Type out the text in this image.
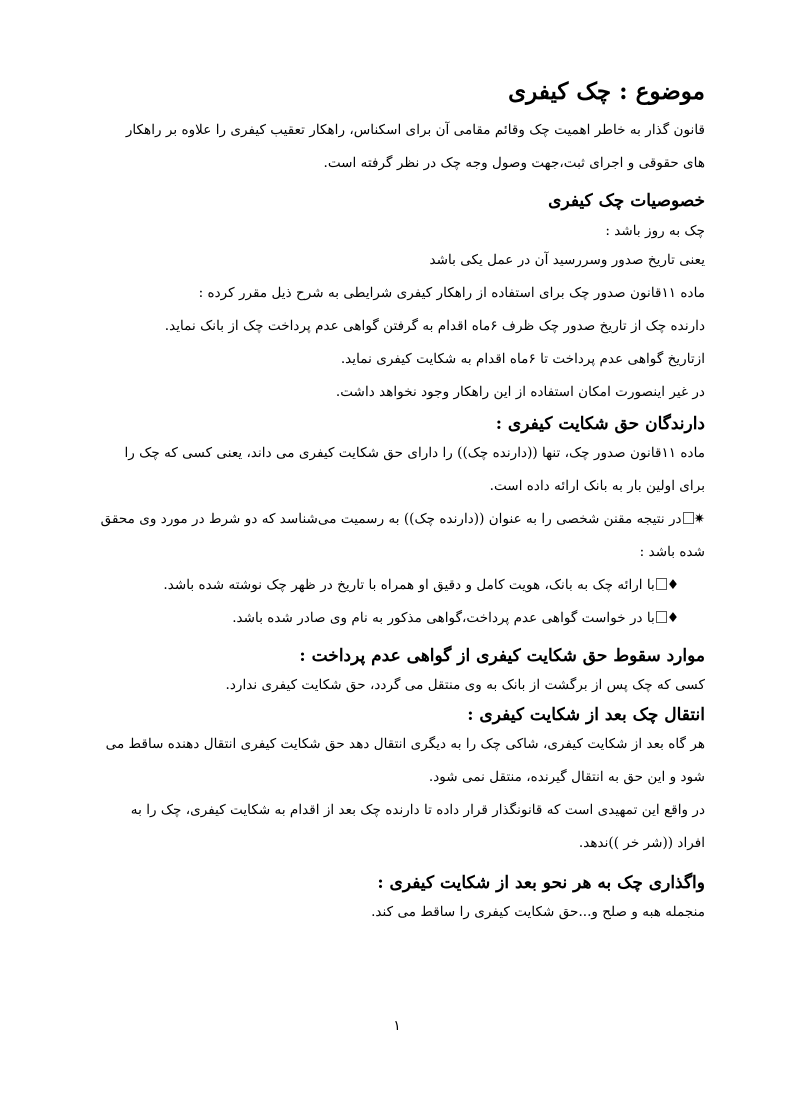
موضوع : چک کیفری
قانون گذار به خاطر اهمیت چک وقائم مقامی آن برای اسکناس، راهکار تعقیب کیفری را علاوه بر راهکار
های حقوقی و اجرای ثبت،جهت وصول وجه چک در نظر گرفته است.
خصوصیات چک کیفری
چک به روز باشد :
یعنی تاریخ صدور وسررسید آن در عمل یکی باشد
ماده ۱۱قانون صدور چک برای استفاده از راهکار کیفری شرایطی به شرح ذیل مقرر کرده :
دارنده چک از تاریخ صدور چک ظرف ۶ماه اقدام به گرفتن گواهی عدم پرداخت چک از بانک نماید.
ازتاریخ گواهی عدم پرداخت تا ۶ماه اقدام به شکایت کیفری نماید.
در غیر اینصورت امکان استفاده از این راهکار وجود نخواهد داشت.
دارندگان حق شکایت کیفری :
ماده ۱۱قانون صدور چک، تنها ((دارنده چک)) را دارای حق شکایت کیفری می داند، یعنی کسی که چک را
برای اولین بار به بانک ارائه داده است.
✷در نتیجه مقنن شخصی را به عنوان ((دارنده چک)) به رسمیت می‌شناسد که دو شرط در مورد وی محقق
شده باشد :
♦با ارائه چک به بانک، هویت کامل و دقیق او همراه با تاریخ در ظهر چک نوشته شده باشد.
♦با در خواست گواهی عدم پرداخت،گواهی مذکور به نام وی صادر شده باشد.
موارد سقوط حق شکایت کیفری از گواهی عدم پرداخت :
کسی که چک پس از برگشت از بانک به وی منتقل می گردد، حق شکایت کیفری ندارد.
انتقال چک بعد از شکایت کیفری :
هر گاه بعد از شکایت کیفری، شاکی چک را به دیگری انتقال دهد حق شکایت کیفری انتقال دهنده ساقط می
شود و این حق به انتقال گیرنده، منتقل نمی شود.
در واقع این تمهیدی است که قانونگذار قرار داده تا دارنده چک بعد از اقدام به شکایت کیفری، چک را به
افراد ((شر خر ))ندهد.
واگذاری چک به هر نحو بعد از شکایت کیفری :
منجمله هبه و صلح و...حق شکایت کیفری را ساقط می کند.
۱
